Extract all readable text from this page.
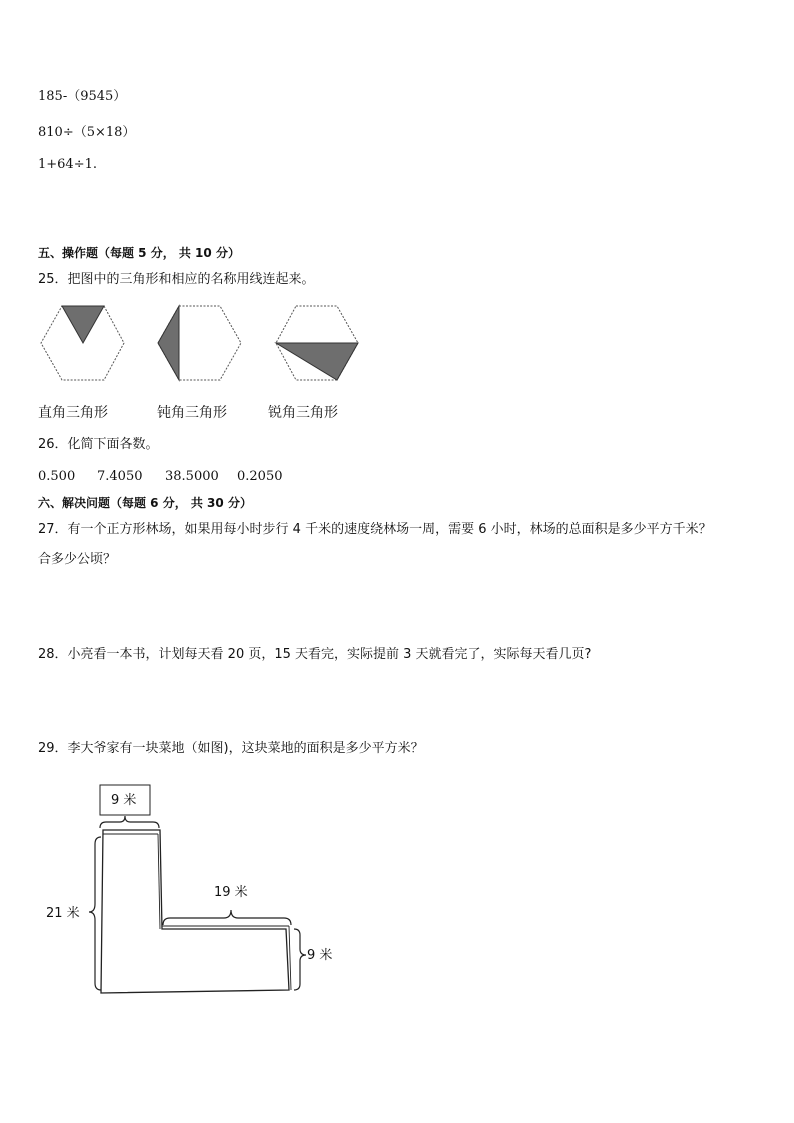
185-（9545）
810÷（5×18）
1+64÷1.
五、操作题（每题 5 分， 共 10 分）
25．把图中的三角形和相应的名称用线连起来。
直角三角形	钝角三角形	锐角三角形
26．化简下面各数。
0.500 7.4050 38.5000 0.2050
六、解决问题（每题 6 分， 共 30 分）
27．有一个正方形林场，如果用每小时步行 4 千米的速度绕林场一周，需要 6 小时，林场的总面积是多少平方千米？
合多少公顷？
28．小亮看一本书，计划每天看 20 页，15 天看完，实际提前 3 天就看完了，实际每天看几页?
29．李大爷家有一块菜地（如图)，这块菜地的面积是多少平方米？
9 米
21 米
19 米
9 米
